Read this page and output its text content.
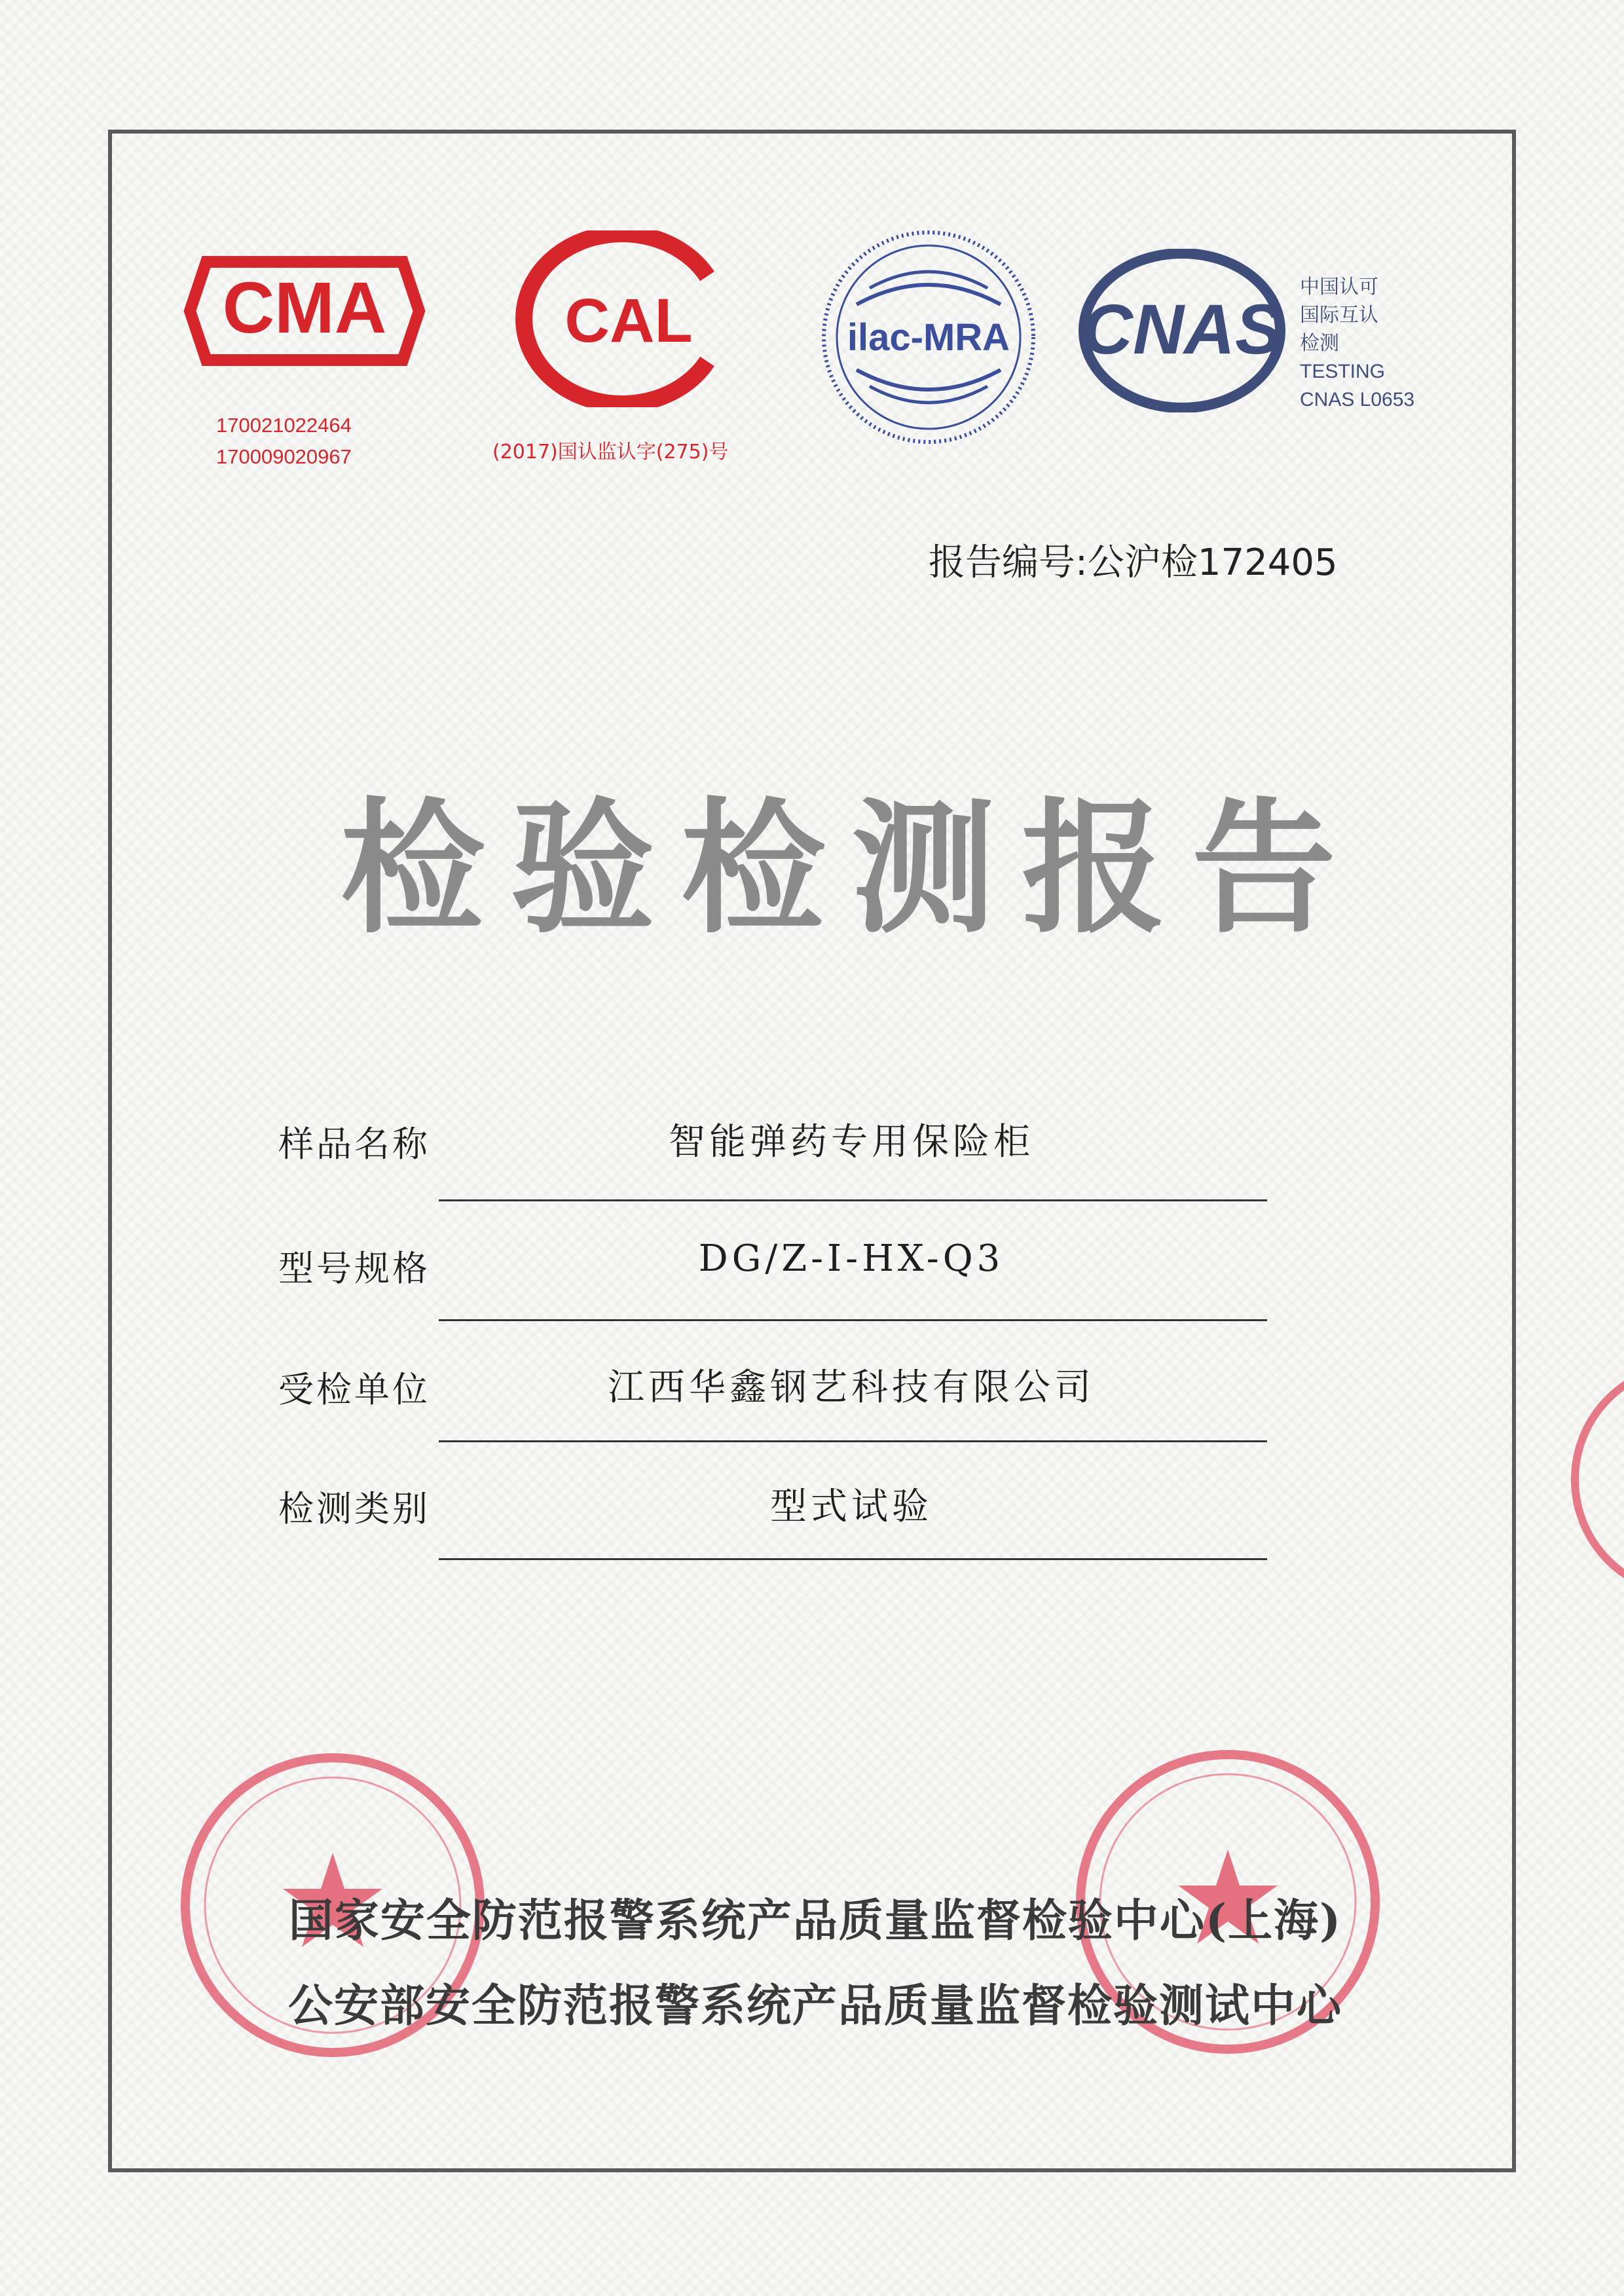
CMA
170021022464
170009020967
CAL
(2017)国认监认字(275)号
ilac-MRA CNAS
中国认可
国际互认
检测
TESTING
CNAS L0653
报告编号:公沪检172405
检验检测报告
样品名称	智能弹药专用保险柜
型号规格	DG/Z-Ⅰ-HX-Q3
受检单位	江西华鑫钢艺科技有限公司
检测类别	型式试验
国家安全防范报警系统产品质量监督检验中心(上海)
公安部安全防范报警系统产品质量监督检验测试中心
